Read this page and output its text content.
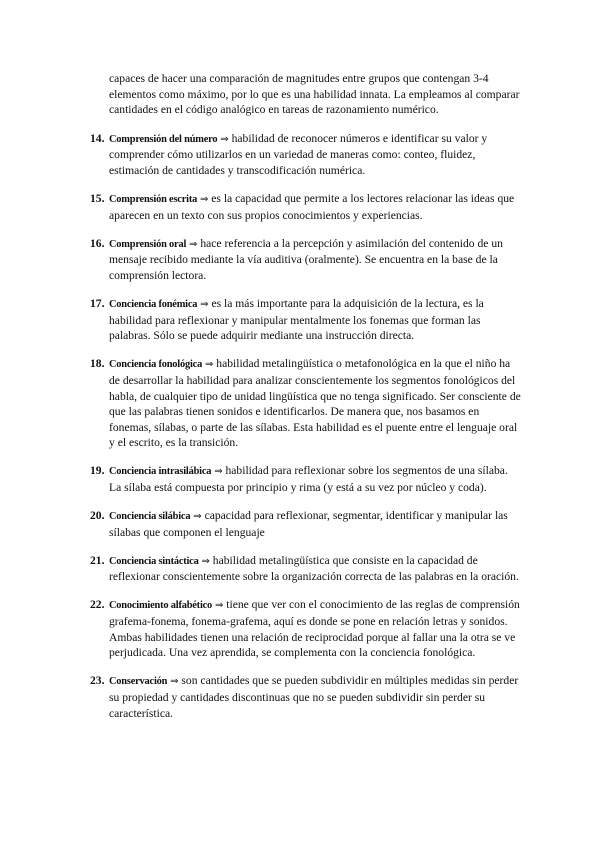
capaces de hacer una comparación de magnitudes entre grupos que contengan 3-4 elementos como máximo, por lo que es una habilidad innata. La empleamos al comparar cantidades en el código analógico en tareas de razonamiento numérico.
14. Comprensión del número ⇒ habilidad de reconocer números e identificar su valor y comprender cómo utilizarlos en un variedad de maneras como: conteo, fluidez, estimación de cantidades y transcodificación numérica.
15. Comprensión escrita ⇒ es la capacidad que permite a los lectores relacionar las ideas que aparecen en un texto con sus propios conocimientos y experiencias.
16. Comprensión oral ⇒ hace referencia a la percepción y asimilación del contenido de un mensaje recibido mediante la vía auditiva (oralmente). Se encuentra en la base de la comprensión lectora.
17. Conciencia fonémica ⇒ es la más importante para la adquisición de la lectura, es la habilidad para reflexionar y manipular mentalmente los fonemas que forman las palabras. Sólo se puede adquirir mediante una instrucción directa.
18. Conciencia fonológica ⇒ habilidad metalingüística o metafonológica en la que el niño ha de desarrollar la habilidad para analizar conscientemente los segmentos fonológicos del habla, de cualquier tipo de unidad lingüística que no tenga significado. Ser consciente de que las palabras tienen sonidos e identificarlos. De manera que, nos basamos en fonemas, sílabas, o parte de las sílabas. Esta habilidad es el puente entre el lenguaje oral y el escrito, es la transición.
19. Conciencia intrasilábica ⇒ habilidad para reflexionar sobre los segmentos de una sílaba. La sílaba está compuesta por principio y rima (y está a su vez por núcleo y coda).
20. Conciencia silábica ⇒ capacidad para reflexionar, segmentar, identificar y manipular las sílabas que componen el lenguaje
21. Conciencia sintáctica ⇒ habilidad metalingüística que consiste en la capacidad de reflexionar conscientemente sobre la organización correcta de las palabras en la oración.
22. Conocimiento alfabético ⇒ tiene que ver con el conocimiento de las reglas de comprensión grafema-fonema, fonema-grafema, aquí es donde se pone en relación letras y sonidos. Ambas habilidades tienen una relación de reciprocidad porque al fallar una la otra se ve perjudicada. Una vez aprendida, se complementa con la conciencia fonológica.
23. Conservación ⇒ son cantidades que se pueden subdividir en múltiples medidas sin perder su propiedad y cantidades discontinuas que no se pueden subdividir sin perder su característica.
